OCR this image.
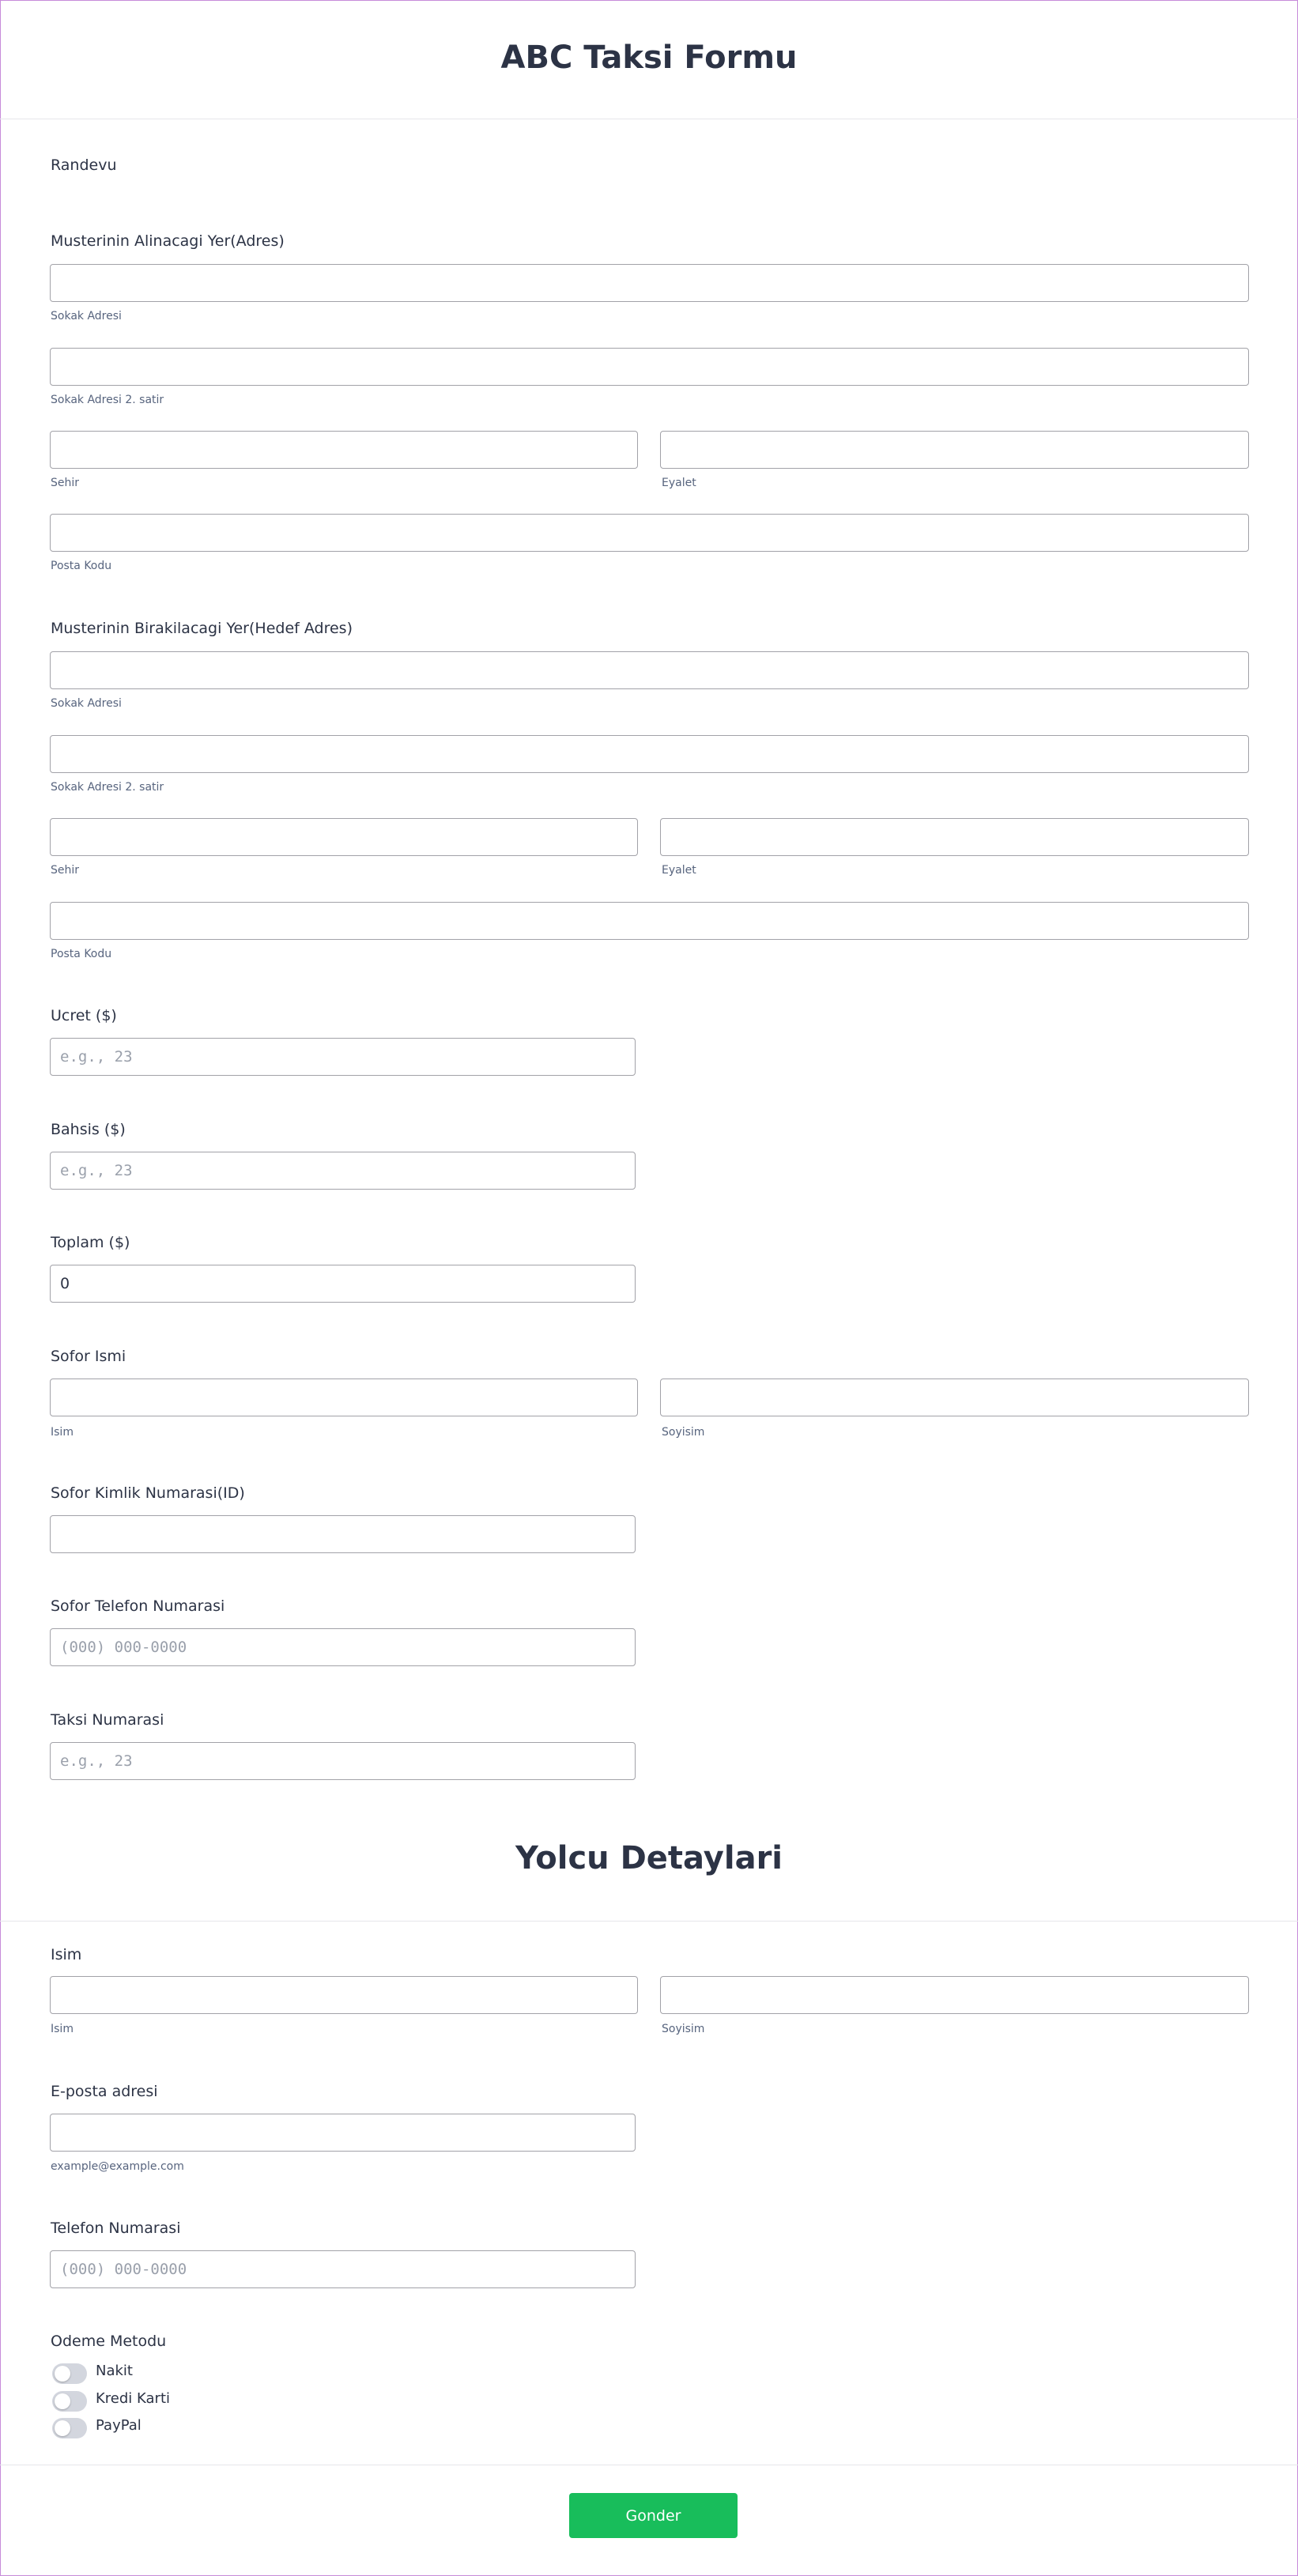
ABC Taksi Formu
Randevu
Musterinin Alinacagi Yer(Adres)
Sokak Adresi
Sokak Adresi 2. satir
Sehir	Eyalet
Posta Kodu
Musterinin Birakilacagi Yer(Hedef Adres)
Sokak Adresi
Sokak Adresi 2. satir
Sehir	Eyalet
Posta Kodu
Ucret ($)
e.g., 23
Bahsis ($)
e.g., 23
Toplam ($)
0
Sofor Ismi
Isim	Soyisim
Sofor Kimlik Numarasi(ID)
Sofor Telefon Numarasi
(000) 000-0000
Taksi Numarasi
e.g., 23
Yolcu Detaylari
Isim
Isim	Soyisim
E-posta adresi
example@example.com
Telefon Numarasi
(000) 000-0000
Odeme Metodu
Nakit
Kredi Karti
PayPal
Gonder
